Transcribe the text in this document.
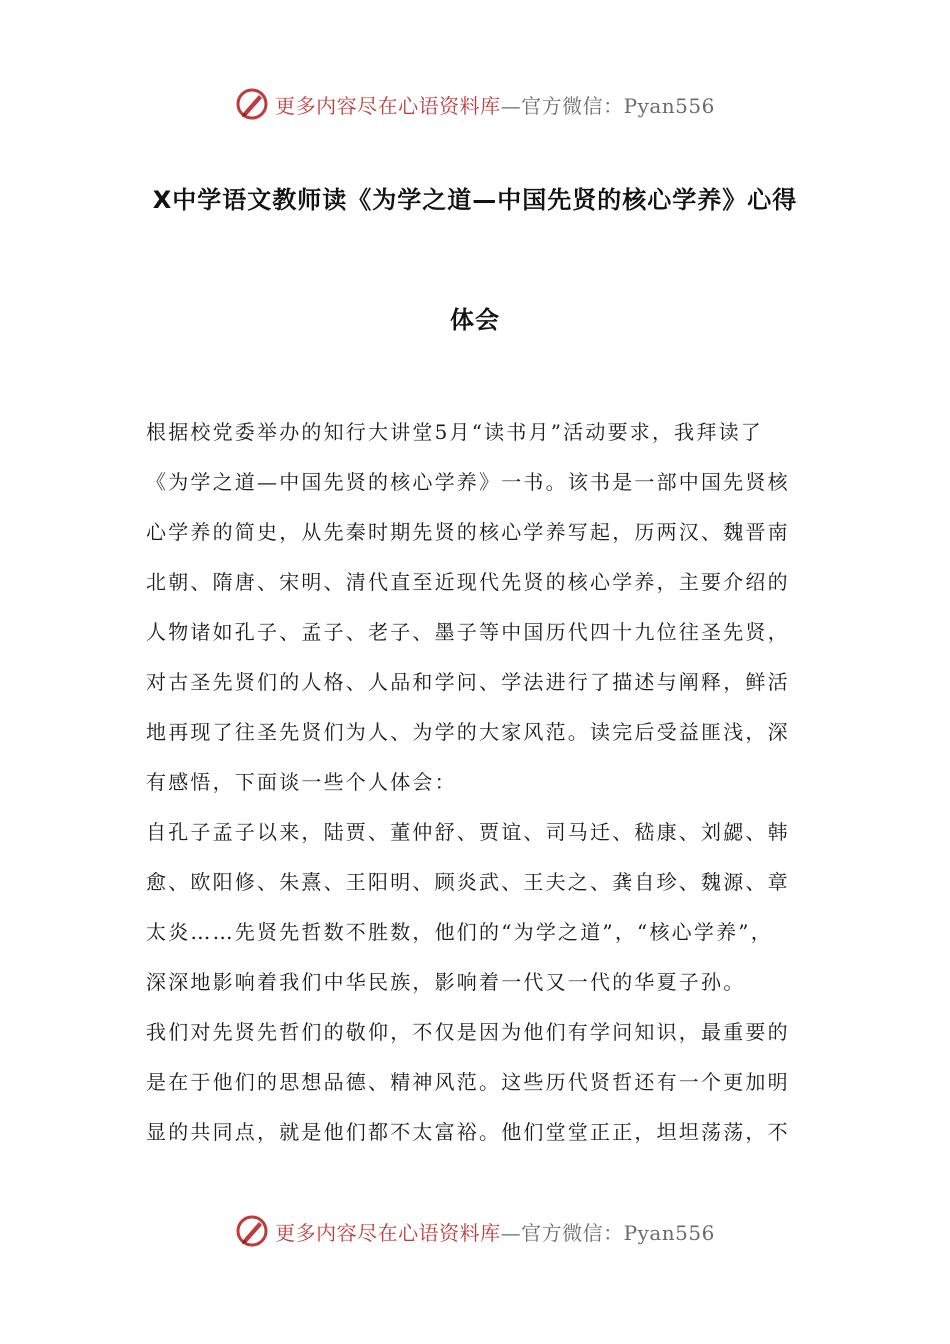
更多内容尽在心语资料库—官方微信：Pyan556
X中学语文教师读《为学之道—中国先贤的核心学养》心得
体会
根据校党委举办的知行大讲堂5月“读书月”活动要求，我拜读了
《为学之道—中国先贤的核心学养》一书。该书是一部中国先贤核
心学养的简史，从先秦时期先贤的核心学养写起，历两汉、魏晋南
北朝、隋唐、宋明、清代直至近现代先贤的核心学养，主要介绍的
人物诸如孔子、孟子、老子、墨子等中国历代四十九位往圣先贤，
对古圣先贤们的人格、人品和学问、学法进行了描述与阐释，鲜活
地再现了往圣先贤们为人、为学的大家风范。读完后受益匪浅，深
有感悟，下面谈一些个人体会：
自孔子孟子以来，陆贾、董仲舒、贾谊、司马迁、嵇康、刘勰、韩
愈、欧阳修、朱熹、王阳明、顾炎武、王夫之、龚自珍、魏源、章
太炎……先贤先哲数不胜数，他们的“为学之道”，“核心学养”，
深深地影响着我们中华民族，影响着一代又一代的华夏子孙。
我们对先贤先哲们的敬仰，不仅是因为他们有学问知识，最重要的
是在于他们的思想品德、精神风范。这些历代贤哲还有一个更加明
显的共同点，就是他们都不太富裕。他们堂堂正正，坦坦荡荡，不
更多内容尽在心语资料库—官方微信：Pyan556
